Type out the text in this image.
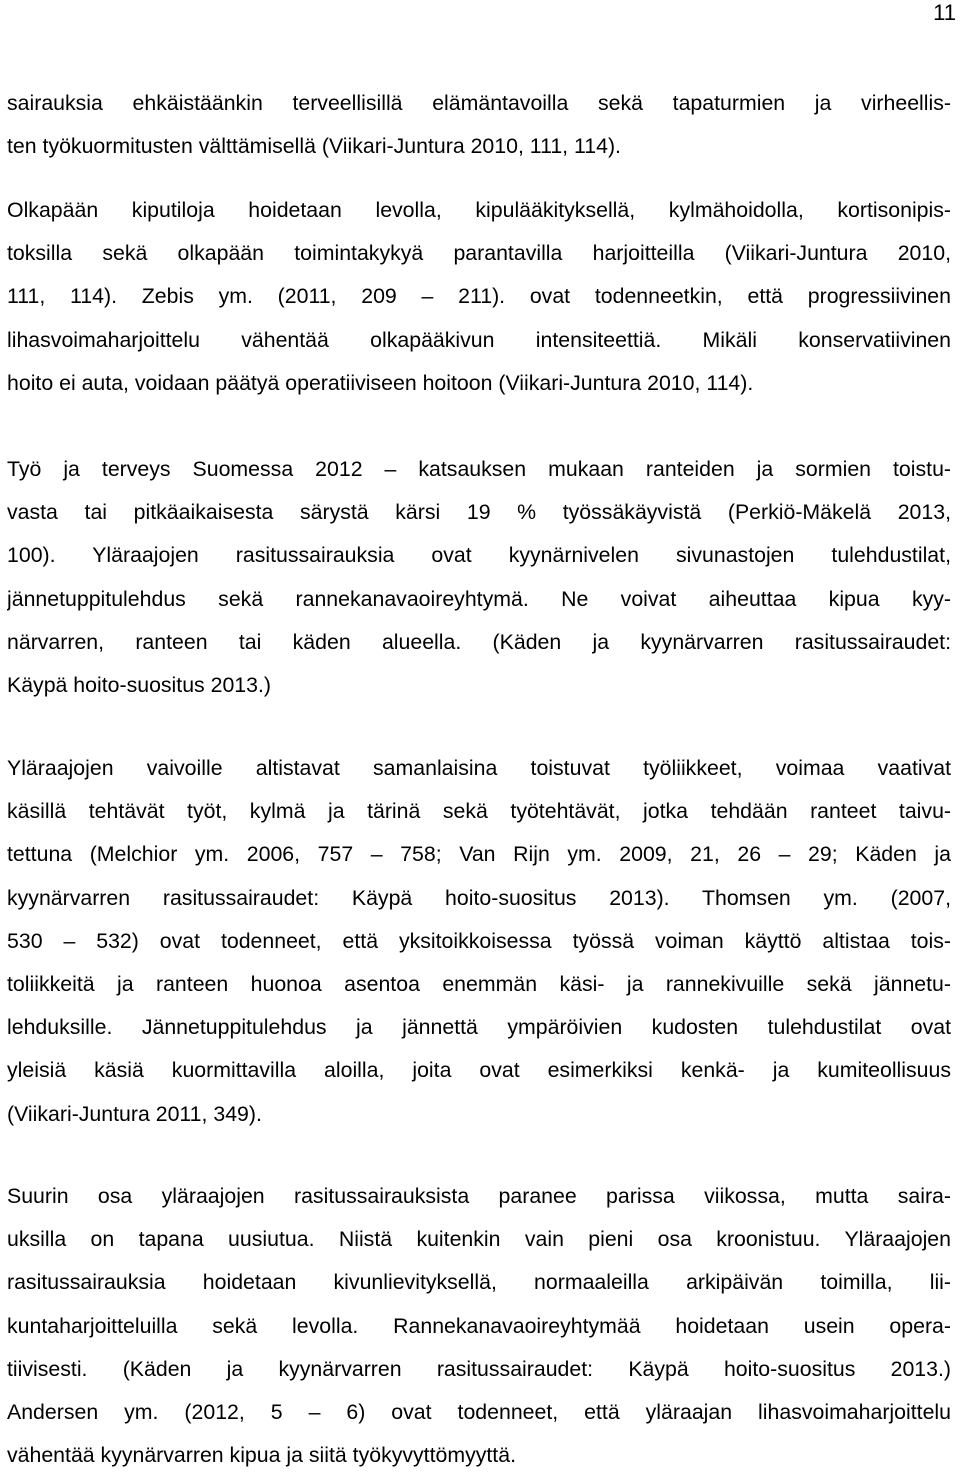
11
sairauksia ehkäistäänkin terveellisillä elämäntavoilla sekä tapaturmien ja virheellis-
ten työkuormitusten välttämisellä (Viikari-Juntura 2010, 111, 114).
Olkapään kiputiloja hoidetaan levolla, kipulääkityksellä, kylmähoidolla, kortisonipis-
toksilla sekä olkapään toimintakykyä parantavilla harjoitteilla (Viikari-Juntura 2010,
111, 114). Zebis ym. (2011, 209 – 211). ovat todenneetkin, että progressiivinen
lihasvoimaharjoittelu vähentää olkapääkivun intensiteettiä. Mikäli konservatiivinen
hoito ei auta, voidaan päätyä operatiiviseen hoitoon (Viikari-Juntura 2010, 114).
Työ ja terveys Suomessa 2012 – katsauksen mukaan ranteiden ja sormien toistu-
vasta tai pitkäaikaisesta särystä kärsi 19 % työssäkäyvistä (Perkiö-Mäkelä 2013,
100). Yläraajojen rasitussairauksia ovat kyynärnivelen sivunastojen tulehdustilat,
jännetuppitulehdus sekä rannekanavaoireyhtymä. Ne voivat aiheuttaa kipua kyy-
närvarren, ranteen tai käden alueella. (Käden ja kyynärvarren rasitussairaudet:
Käypä hoito-suositus 2013.)
Yläraajojen vaivoille altistavat samanlaisina toistuvat työliikkeet, voimaa vaativat
käsillä tehtävät työt, kylmä ja tärinä sekä työtehtävät, jotka tehdään ranteet taivu-
tettuna (Melchior ym. 2006, 757 – 758; Van Rijn ym. 2009, 21, 26 – 29; Käden ja
kyynärvarren rasitussairaudet: Käypä hoito-suositus 2013). Thomsen ym. (2007,
530 – 532) ovat todenneet, että yksitoikkoisessa työssä voiman käyttö altistaa tois-
toliikkeitä ja ranteen huonoa asentoa enemmän käsi- ja rannekivuille sekä jännetu-
lehduksille. Jännetuppitulehdus ja jännettä ympäröivien kudosten tulehdustilat ovat
yleisiä käsiä kuormittavilla aloilla, joita ovat esimerkiksi kenkä- ja kumiteollisuus
(Viikari-Juntura 2011, 349).
Suurin osa yläraajojen rasitussairauksista paranee parissa viikossa, mutta saira-
uksilla on tapana uusiutua. Niistä kuitenkin vain pieni osa kroonistuu. Yläraajojen
rasitussairauksia hoidetaan kivunlievityksellä, normaaleilla arkipäivän toimilla, lii-
kuntaharjoitteluilla sekä levolla. Rannekanavaoireyhtymää hoidetaan usein opera-
tiivisesti. (Käden ja kyynärvarren rasitussairaudet: Käypä hoito-suositus 2013.)
Andersen ym. (2012, 5 – 6) ovat todenneet, että yläraajan lihasvoimaharjoittelu
vähentää kyynärvarren kipua ja siitä työkyvyttömyyttä.
